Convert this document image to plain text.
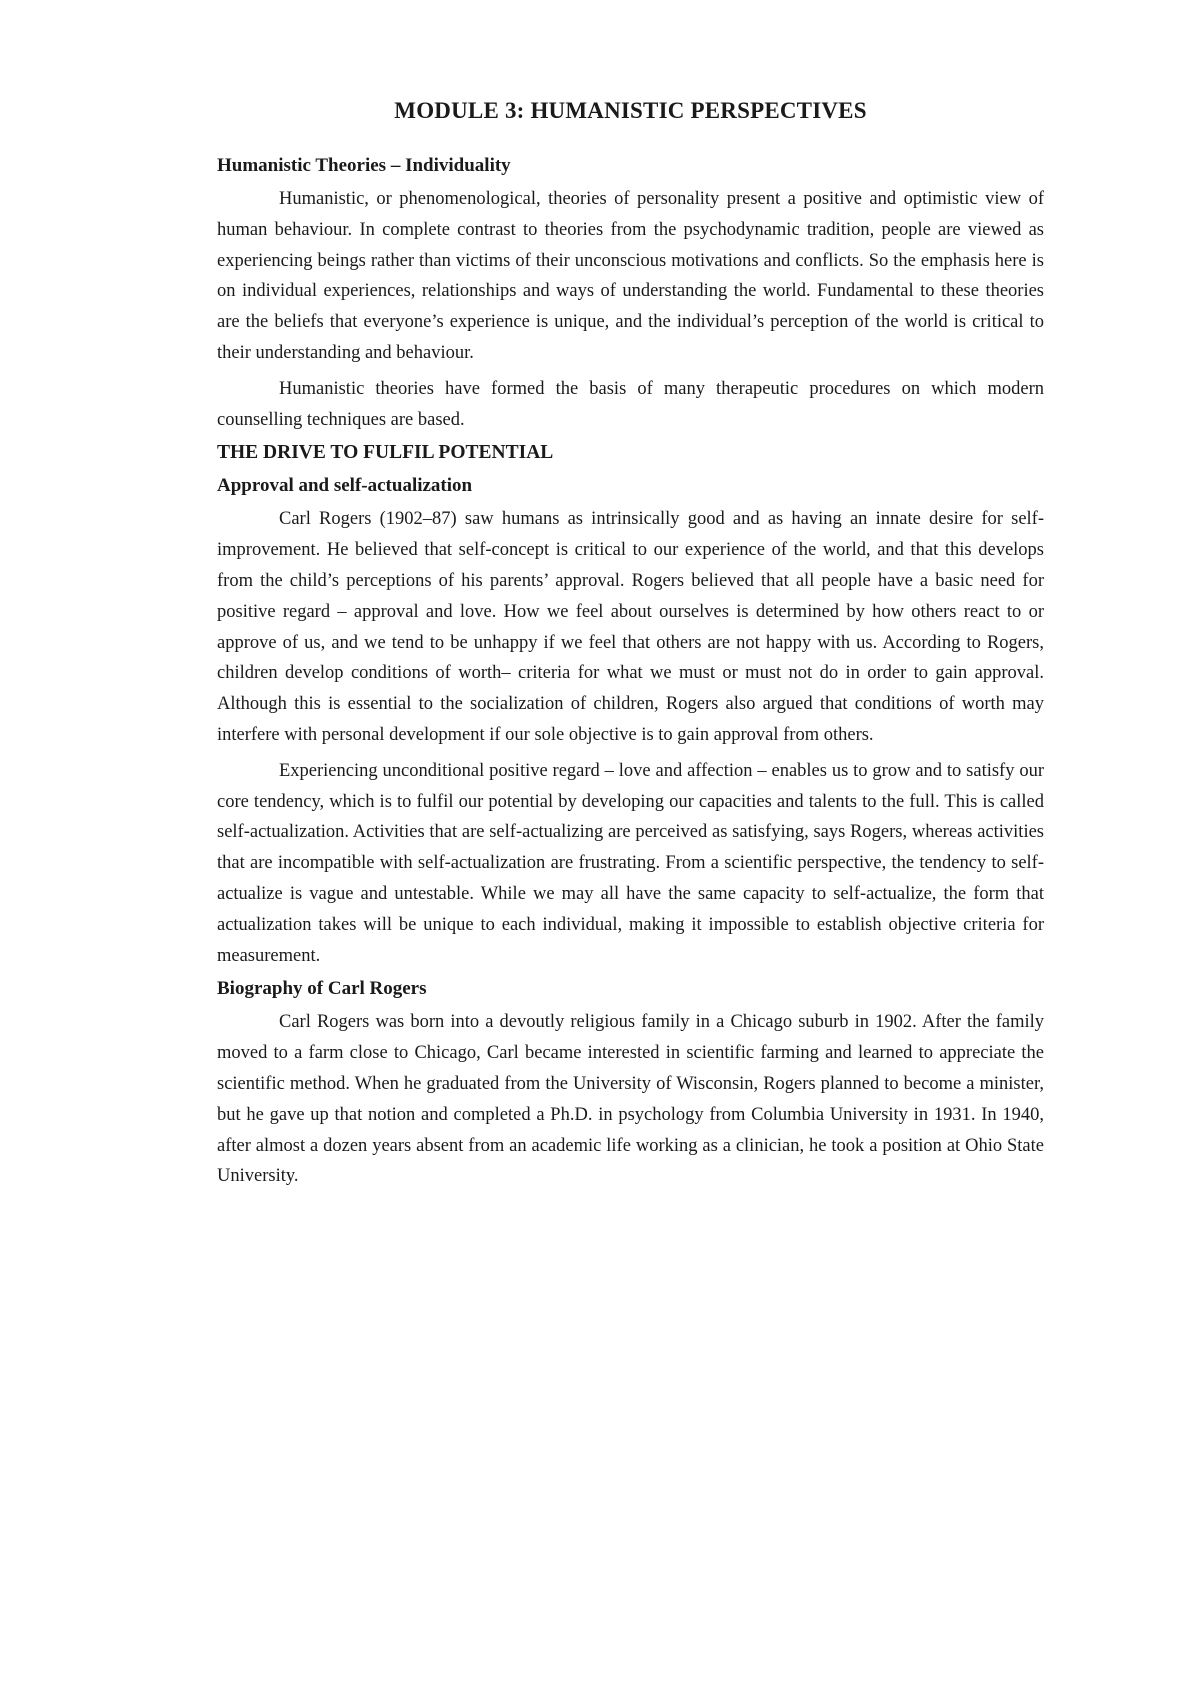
MODULE 3: HUMANISTIC PERSPECTIVES
Humanistic Theories – Individuality

Humanistic, or phenomenological, theories of personality present a positive and optimistic view of human behaviour. In complete contrast to theories from the psychodynamic tradition, people are viewed as experiencing beings rather than victims of their unconscious motivations and conflicts. So the emphasis here is on individual experiences, relationships and ways of understanding the world. Fundamental to these theories are the beliefs that everyone’s experience is unique, and the individual’s perception of the world is critical to their understanding and behaviour.

Humanistic theories have formed the basis of many therapeutic procedures on which modern counselling techniques are based.

THE DRIVE TO FULFIL POTENTIAL
Approval and self-actualization

Carl Rogers (1902–87) saw humans as intrinsically good and as having an innate desire for self-improvement. He believed that self-concept is critical to our experience of the world, and that this develops from the child’s perceptions of his parents’ approval. Rogers believed that all people have a basic need for positive regard – approval and love. How we feel about ourselves is determined by how others react to or approve of us, and we tend to be unhappy if we feel that others are not happy with us. According to Rogers, children develop conditions of worth– criteria for what we must or must not do in order to gain approval. Although this is essential to the socialization of children, Rogers also argued that conditions of worth may interfere with personal development if our sole objective is to gain approval from others.

Experiencing unconditional positive regard – love and affection – enables us to grow and to satisfy our core tendency, which is to fulfil our potential by developing our capacities and talents to the full. This is called self-actualization. Activities that are self-actualizing are perceived as satisfying, says Rogers, whereas activities that are incompatible with self-actualization are frustrating. From a scientific perspective, the tendency to self-actualize is vague and untestable. While we may all have the same capacity to self-actualize, the form that actualization takes will be unique to each individual, making it impossible to establish objective criteria for measurement.

Biography of Carl Rogers

Carl Rogers was born into a devoutly religious family in a Chicago suburb in 1902. After the family moved to a farm close to Chicago, Carl became interested in scientific farming and learned to appreciate the scientific method. When he graduated from the University of Wisconsin, Rogers planned to become a minister, but he gave up that notion and completed a Ph.D. in psychology from Columbia University in 1931. In 1940, after almost a dozen years absent from an academic life working as a clinician, he took a position at Ohio State University.
